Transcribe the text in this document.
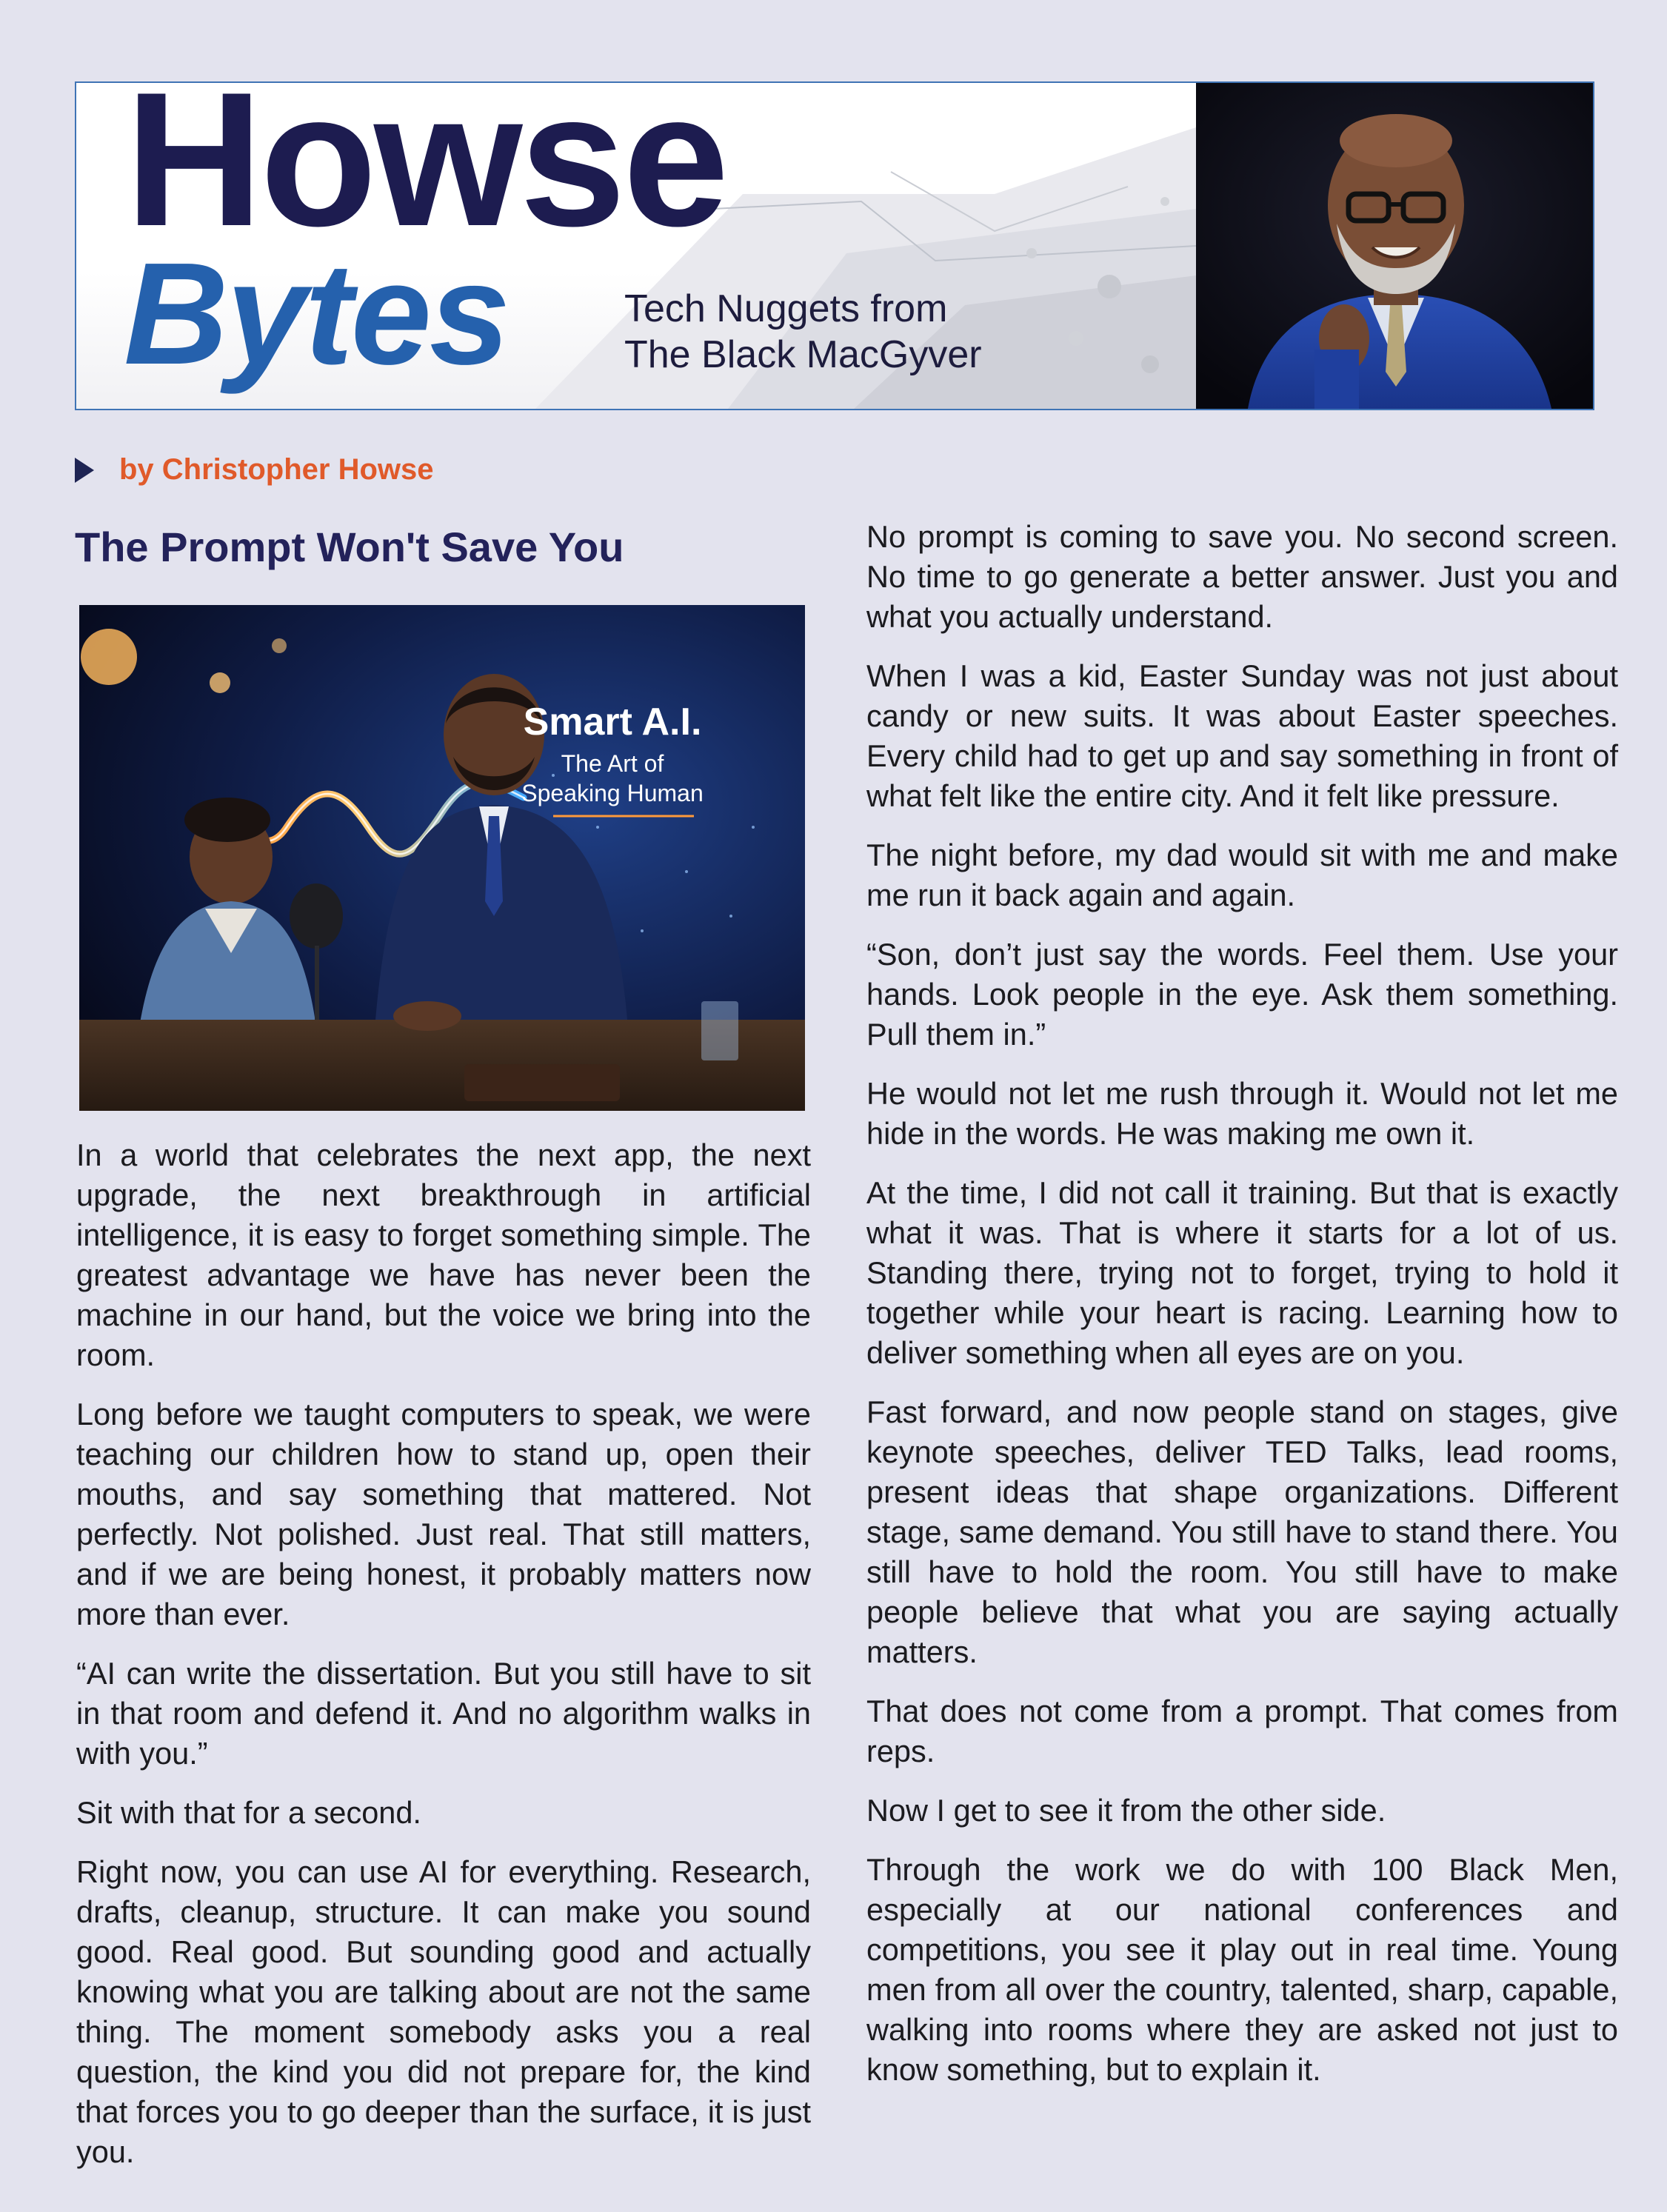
Howse
Bytes	Tech Nuggets from
The Black MacGyver
by Christopher Howse
The Prompt Won't Save You
Smart A.I.
The Art of
Speaking Human

In a world that celebrates the next app, the next upgrade, the next breakthrough in artificial intelligence, it is easy to forget something simple. The greatest advantage we have has never been the machine in our hand, but the voice we bring into the room.

Long before we taught computers to speak, we were teaching our children how to stand up, open their mouths, and say something that mattered. Not perfectly. Not polished. Just real. That still matters, and if we are being honest, it probably matters now more than ever.

“AI can write the dissertation. But you still have to sit in that room and defend it. And no algorithm walks in with you.”

Sit with that for a second.

Right now, you can use AI for everything. Research, drafts, cleanup, structure. It can make you sound good. Real good. But sounding good and actually knowing what you are talking about are not the same thing. The moment somebody asks you a real question, the kind you did not prepare for, the kind that forces you to go deeper than the surface, it is just you.

No prompt is coming to save you. No second screen. No time to go generate a better answer. Just you and what you actually understand.

When I was a kid, Easter Sunday was not just about candy or new suits. It was about Easter speeches. Every child had to get up and say something in front of what felt like the entire city. And it felt like pressure.

The night before, my dad would sit with me and make me run it back again and again.

“Son, don’t just say the words. Feel them. Use your hands. Look people in the eye. Ask them something. Pull them in.”

He would not let me rush through it. Would not let me hide in the words. He was making me own it.

At the time, I did not call it training. But that is exactly what it was. That is where it starts for a lot of us. Standing there, trying not to forget, trying to hold it together while your heart is racing. Learning how to deliver something when all eyes are on you.

Fast forward, and now people stand on stages, give keynote speeches, deliver TED Talks, lead rooms, present ideas that shape organizations. Different stage, same demand. You still have to stand there. You still have to hold the room. You still have to make people believe that what you are saying actually matters.

That does not come from a prompt. That comes from reps.

Now I get to see it from the other side.

Through the work we do with 100 Black Men, especially at our national conferences and competitions, you see it play out in real time. Young men from all over the country, talented, sharp, capable, walking into rooms where they are asked not just to know something, but to explain it.
